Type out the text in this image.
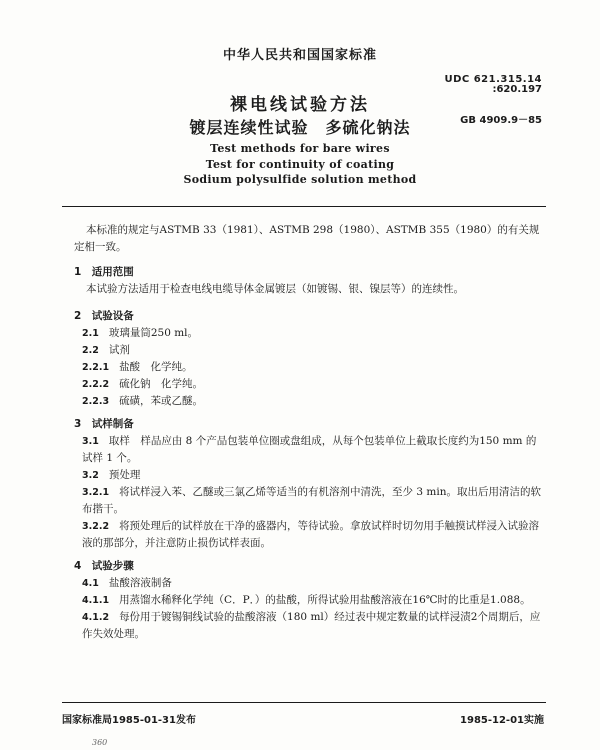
中华人民共和国国家标准
UDC 621.315.14
:620.197
GB 4909.9－85
裸电线试验方法
镀层连续性试验　多硫化钠法
Test methods for bare wires
Test for continuity of coating
Sodium polysulfide solution method
本标准的规定与ASTMB 33（1981）、ASTMB 298（1980）、ASTMB 355（1980）的有关规定相一致。
1　适用范围
本试验方法适用于检查电线电缆导体金属镀层（如镀锡、银、镍层等）的连续性。
2　试验设备
2.1 玻璃量筒250 ml。
2.2 试剂
2.2.1 盐酸　化学纯。
2.2.2 硫化钠　化学纯。
2.2.3 硫磺，苯或乙醚。
3　试样制备
3.1 取样　样品应由 8 个产品包装单位圈或盘组成，从每个包装单位上截取长度约为150 mm 的试样 1 个。
3.2 预处理
3.2.1 将试样浸入苯、乙醚或三氯乙烯等适当的有机溶剂中清洗，至少 3 min。取出后用清洁的软布揩干。
3.2.2 将预处理后的试样放在干净的盛器内，等待试验。拿放试样时切勿用手触摸试样浸入试验溶液的那部分，并注意防止损伤试样表面。
4　试验步骤
4.1 盐酸溶液制备
4.1.1 用蒸馏水稀释化学纯（C．P．）的盐酸，所得试验用盐酸溶液在16℃时的比重是1.088。
4.1.2 每份用于镀锡铜线试验的盐酸溶液（180 ml）经过表中规定数量的试样浸渍2个周期后，应作失效处理。
国家标准局1985-01-31发布	1985-12-01实施
360
